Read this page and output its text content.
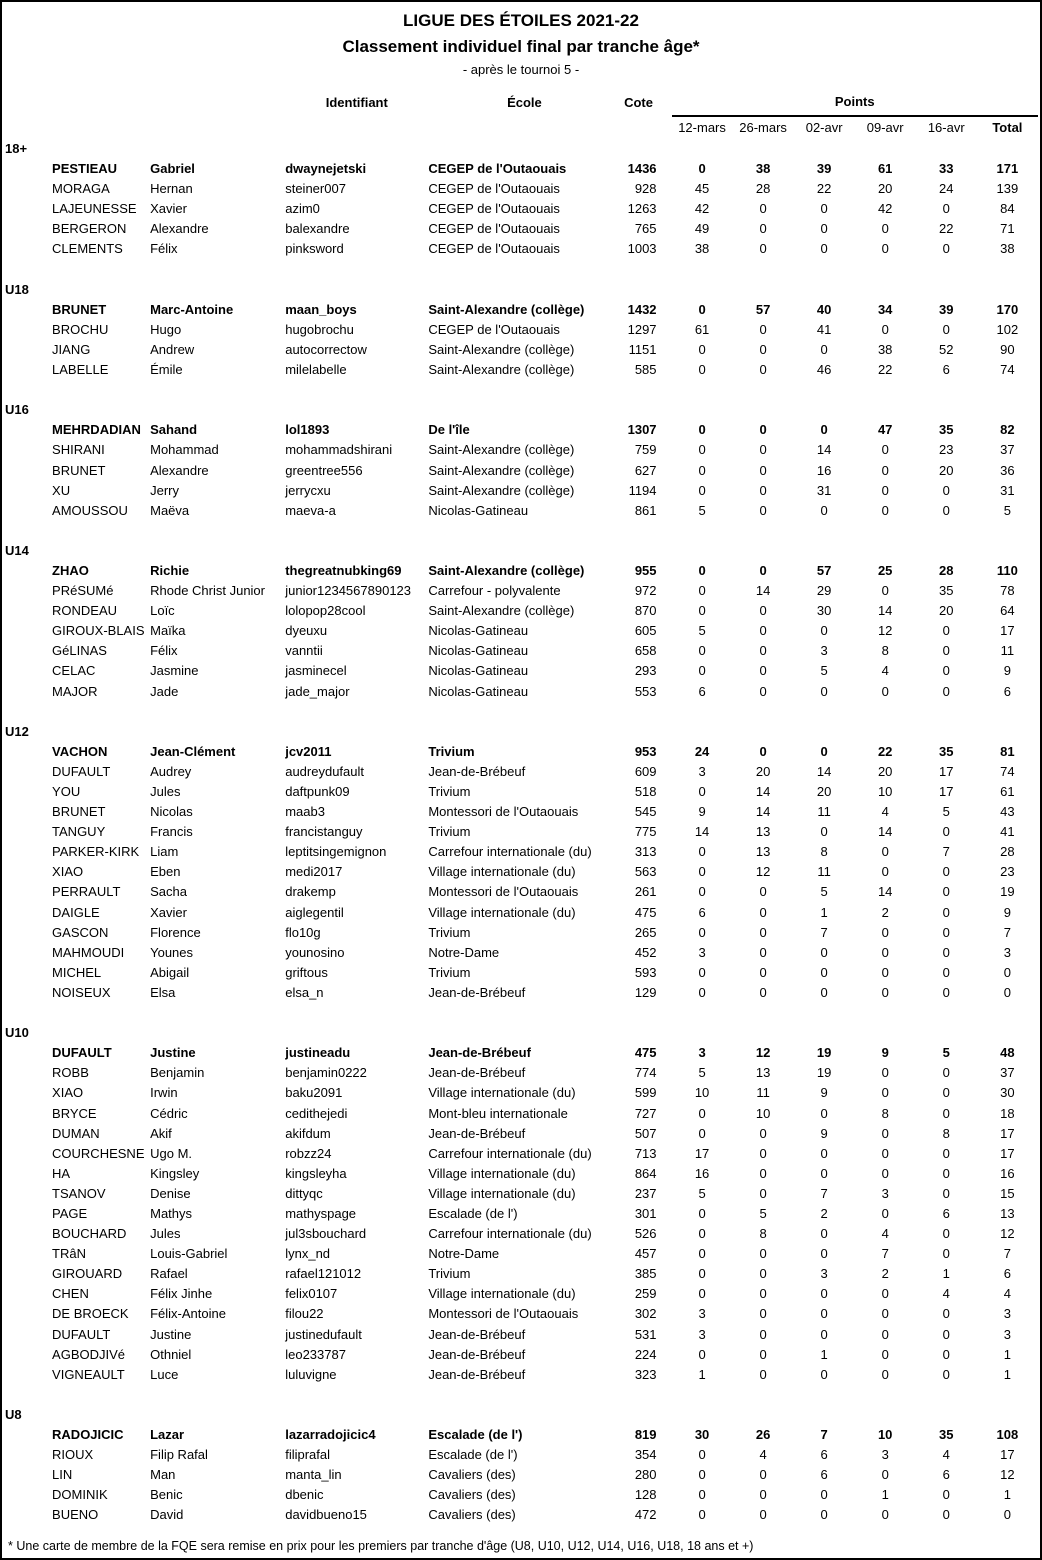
LIGUE DES ÉTOILES 2021-22
Classement individuel final par tranche âge*
- après le tournoi 5 -
			Identifiant	École	Cote		Points					
							12-mars	26-mars	02-avr	09-avr	16-avr	Total
18+												
	PESTIEAU	Gabriel	dwaynejetski	CEGEP de l'Outaouais	1436		0	38	39	61	33	171
	MORAGA	Hernan	steiner007	CEGEP de l'Outaouais	928		45	28	22	20	24	139
	LAJEUNESSE	Xavier	azim0	CEGEP de l'Outaouais	1263		42	0	0	42	0	84
	BERGERON	Alexandre	balexandre	CEGEP de l'Outaouais	765		49	0	0	0	22	71
	CLEMENTS	Félix	pinksword	CEGEP de l'Outaouais	1003		38	0	0	0	0	38

U18												
	BRUNET	Marc-Antoine	maan_boys	Saint-Alexandre (collège)	1432		0	57	40	34	39	170
	BROCHU	Hugo	hugobrochu	CEGEP de l'Outaouais	1297		61	0	41	0	0	102
	JIANG	Andrew	autocorrectow	Saint-Alexandre (collège)	1151		0	0	0	38	52	90
	LABELLE	Émile	milelabelle	Saint-Alexandre (collège)	585		0	0	46	22	6	74

U16												
	MEHRDADIAN	Sahand	lol1893	De l'île	1307		0	0	0	47	35	82
	SHIRANI	Mohammad	mohammadshirani	Saint-Alexandre (collège)	759		0	0	14	0	23	37
	BRUNET	Alexandre	greentree556	Saint-Alexandre (collège)	627		0	0	16	0	20	36
	XU	Jerry	jerrycxu	Saint-Alexandre (collège)	1194		0	0	31	0	0	31
	AMOUSSOU	Maëva	maeva-a	Nicolas-Gatineau	861		5	0	0	0	0	5

U14												
	ZHAO	Richie	thegreatnubking69	Saint-Alexandre (collège)	955		0	0	57	25	28	110
	PRéSUMé	Rhode Christ Junior	junior1234567890123	Carrefour - polyvalente	972		0	14	29	0	35	78
	RONDEAU	Loïc	lolopop28cool	Saint-Alexandre (collège)	870		0	0	30	14	20	64
	GIROUX-BLAIS	Maïka	dyeuxu	Nicolas-Gatineau	605		5	0	0	12	0	17
	GéLINAS	Félix	vanntii	Nicolas-Gatineau	658		0	0	3	8	0	11
	CELAC	Jasmine	jasminecel	Nicolas-Gatineau	293		0	0	5	4	0	9
	MAJOR	Jade	jade_major	Nicolas-Gatineau	553		6	0	0	0	0	6

U12												
	VACHON	Jean-Clément	jcv2011	Trivium	953		24	0	0	22	35	81
	DUFAULT	Audrey	audreydufault	Jean-de-Brébeuf	609		3	20	14	20	17	74
	YOU	Jules	daftpunk09	Trivium	518		0	14	20	10	17	61
	BRUNET	Nicolas	maab3	Montessori de l'Outaouais	545		9	14	11	4	5	43
	TANGUY	Francis	francistanguy	Trivium	775		14	13	0	14	0	41
	PARKER-KIRK	Liam	leptitsingemignon	Carrefour internationale (du)	313		0	13	8	0	7	28
	XIAO	Eben	medi2017	Village internationale (du)	563		0	12	11	0	0	23
	PERRAULT	Sacha	drakemp	Montessori de l'Outaouais	261		0	0	5	14	0	19
	DAIGLE	Xavier	aiglegentil	Village internationale (du)	475		6	0	1	2	0	9
	GASCON	Florence	flo10g	Trivium	265		0	0	7	0	0	7
	MAHMOUDI	Younes	younosino	Notre-Dame	452		3	0	0	0	0	3
	MICHEL	Abigail	griftous	Trivium	593		0	0	0	0	0	0
	NOISEUX	Elsa	elsa_n	Jean-de-Brébeuf	129		0	0	0	0	0	0

U10												
	DUFAULT	Justine	justineadu	Jean-de-Brébeuf	475		3	12	19	9	5	48
	ROBB	Benjamin	benjamin0222	Jean-de-Brébeuf	774		5	13	19	0	0	37
	XIAO	Irwin	baku2091	Village internationale (du)	599		10	11	9	0	0	30
	BRYCE	Cédric	cedithejedi	Mont-bleu internationale	727		0	10	0	8	0	18
	DUMAN	Akif	akifdum	Jean-de-Brébeuf	507		0	0	9	0	8	17
	COURCHESNE	Ugo M.	robzz24	Carrefour internationale (du)	713		17	0	0	0	0	17
	HA	Kingsley	kingsleyha	Village internationale (du)	864		16	0	0	0	0	16
	TSANOV	Denise	dittyqc	Village internationale (du)	237		5	0	7	3	0	15
	PAGE	Mathys	mathyspage	Escalade (de l')	301		0	5	2	0	6	13
	BOUCHARD	Jules	jul3sbouchard	Carrefour internationale (du)	526		0	8	0	4	0	12
	TRâN	Louis-Gabriel	lynx_nd	Notre-Dame	457		0	0	0	7	0	7
	GIROUARD	Rafael	rafael121012	Trivium	385		0	0	3	2	1	6
	CHEN	Félix Jinhe	felix0107	Village internationale (du)	259		0	0	0	0	4	4
	DE BROECK	Félix-Antoine	filou22	Montessori de l'Outaouais	302		3	0	0	0	0	3
	DUFAULT	Justine	justinedufault	Jean-de-Brébeuf	531		3	0	0	0	0	3
	AGBODJIVé	Othniel	leo233787	Jean-de-Brébeuf	224		0	0	1	0	0	1
	VIGNEAULT	Luce	luluvigne	Jean-de-Brébeuf	323		1	0	0	0	0	1

U8												
	RADOJICIC	Lazar	lazarradojicic4	Escalade (de l')	819		30	26	7	10	35	108
	RIOUX	Filip Rafal	filiprafal	Escalade (de l')	354		0	4	6	3	4	17
	LIN	Man	manta_lin	Cavaliers (des)	280		0	0	6	0	6	12
	DOMINIK	Benic	dbenic	Cavaliers (des)	128		0	0	0	1	0	1
	BUENO	David	davidbueno15	Cavaliers (des)	472		0	0	0	0	0	0

* Une carte de membre de la FQE sera remise en prix pour les premiers par tranche d'âge (U8, U10, U12, U14, U16, U18, 18 ans et +)
